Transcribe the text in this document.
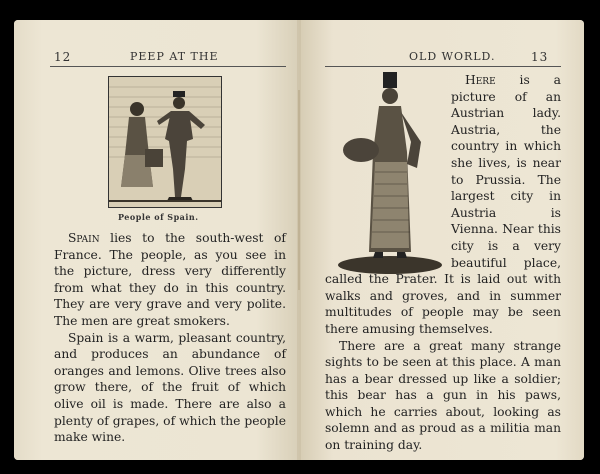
12	PEEP AT THE
People of Spain.

Spain lies to the south-west of France. The people, as you see in the picture, dress very differently from what they do in this country. They are very grave and very polite. The men are great smokers.

Spain is a warm, pleasant country, and produces an abundance of oranges and lemons. Olive trees also grow there, of the fruit of which olive oil is made. There are also a plenty of grapes, of which the people make wine.

OLD WORLD.	13

Here is a picture of an Austrian lady. Austria, the country in which she lives, is near to Prussia. The largest city in Austria is Vienna. Near this city is a very beautiful place, called the Prater. It is laid out with walks and groves, and in summer multitudes of people may be seen there amusing themselves.

There are a great many strange sights to be seen at this place. A man has a bear dressed up like a soldier; this bear has a gun in his paws, which he carries about, looking as solemn and as proud as a militia man on training day.
